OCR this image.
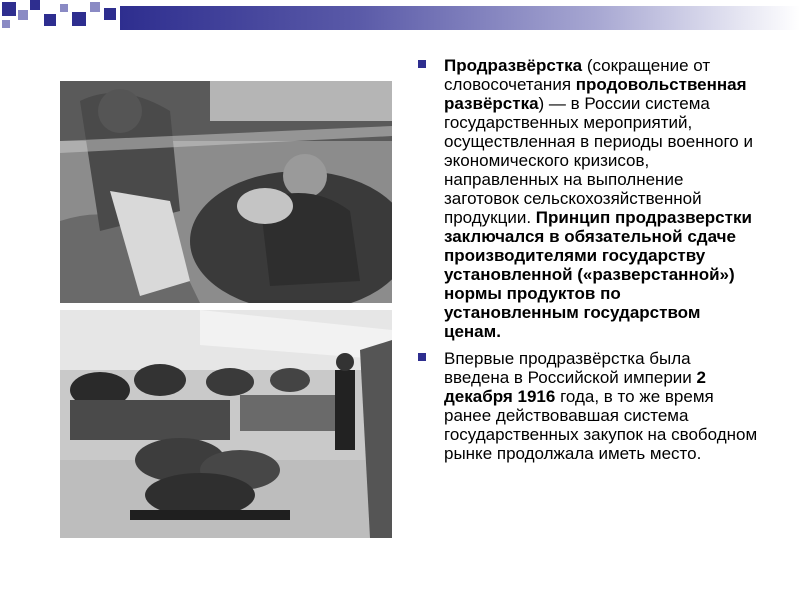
Продразвёрстка (сокращение от словосочетания продовольственная развёрстка) — в России система государственных мероприятий, осуществленная в периоды военного и экономического кризисов, направленных на выполнение заготовок сельскохозяйственной продукции. Принцип продразверстки заключался в обязательной сдаче производителями государству установленной («разверстанной») нормы продуктов по установленным государством ценам.
Впервые продразвёрстка была введена в Российской империи 2 декабря 1916 года, в то же время ранее действовавшая система государственных закупок на свободном рынке продолжала иметь место.
